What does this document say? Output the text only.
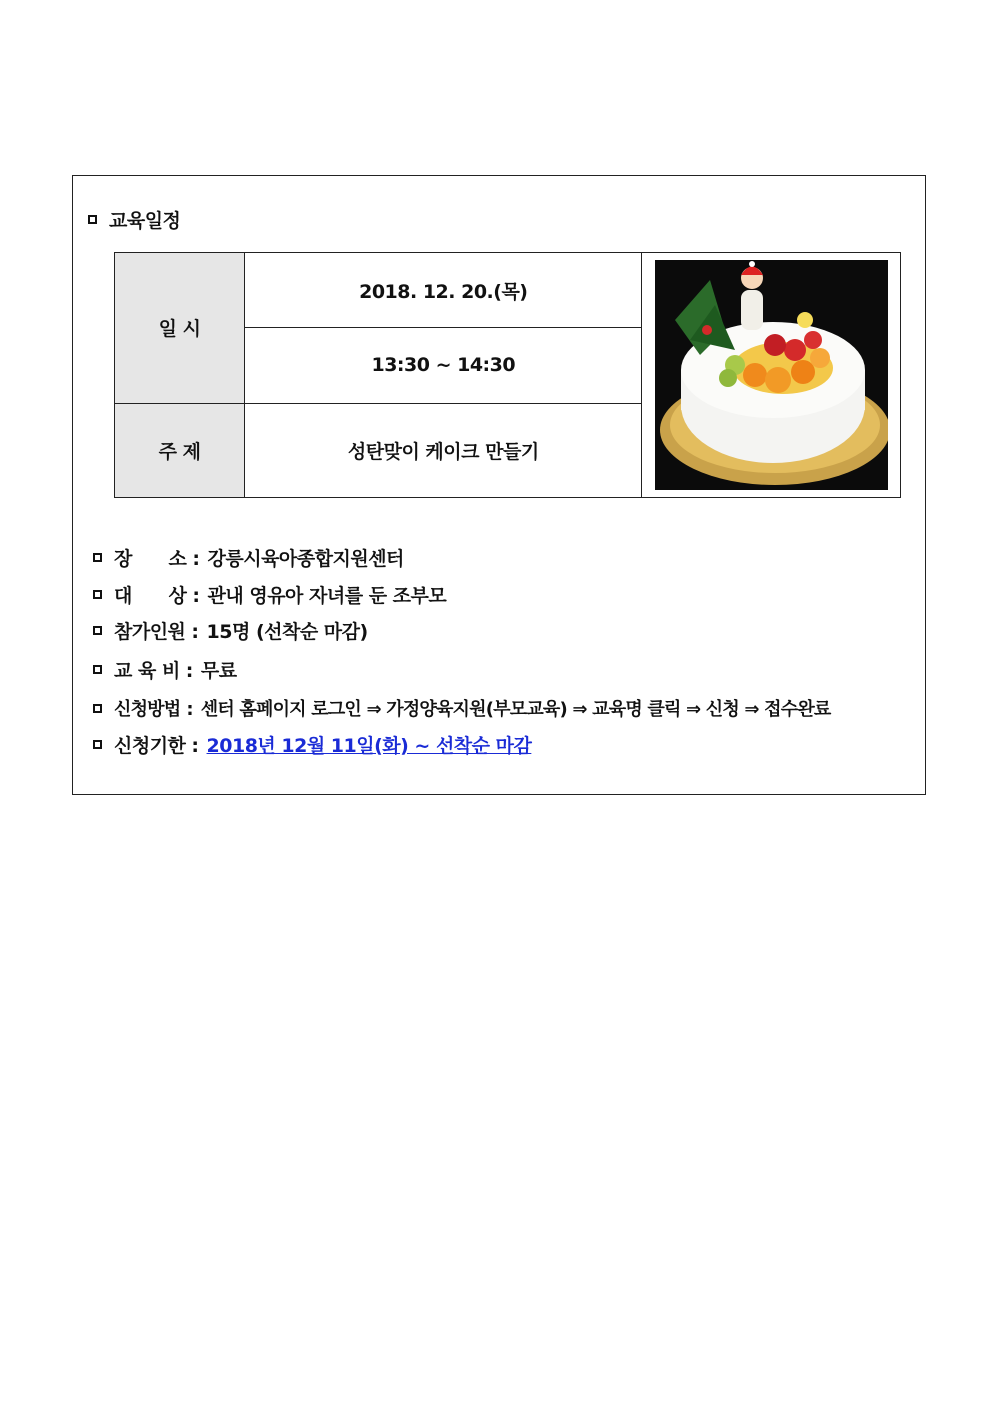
교육일정
일 시	2018. 12. 20.(목)	

	13:30 ~ 14:30	
주 제	성탄맞이 케이크 만들기	
장      소 : 강릉시육아종합지원센터
대      상 : 관내 영유아 자녀를 둔 조부모
참가인원 : 15명 (선착순 마감)
교 육 비 : 무료
신청방법 : 센터 홈페이지 로그인 ⇒ 가정양육지원(부모교육) ⇒ 교육명 클릭 ⇒ 신청 ⇒ 접수완료
신청기한 : 2018년 12월 11일(화) ~ 선착순 마감
